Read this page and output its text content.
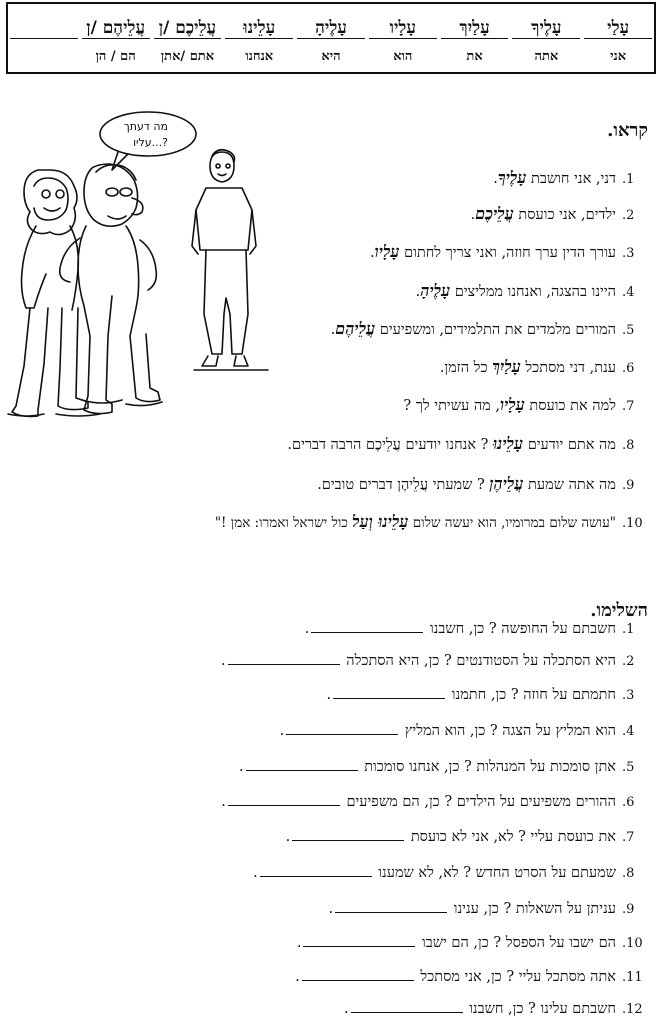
עָלַי
אני
עָלֶיךָ
אתה
עָלַיִךְ
את
עָלָיו
הוא
עָלֶיהָ
היא
עָלֵינוּ
אנחנו
עֲלֵיכֶם /ן
אתם /אתן
עֲלֵיהֶם /ן
הם / הן
מה דעתך
עליו...?
קראו.
1.דני, אני חושבת עָלֶיךָ.
2.ילדים, אני כועסת עֲלֵיכֶם.
3.עורך הדין ערך חוזה, ואני צריך לחתום עָלָיו.
4.היינו בהצגה, ואנחנו ממליצים עָלֶיהָ.
5.המורים מלמדים את התלמידים, ומשפיעים עֲלֵיהֶם.
6.ענת, דני מסתכל עָלַיִךְ כל הזמן.
7.למה את כועסת עָלָיו, מה עשיתי לך ?
8.מה אתם יודעים עָלֵינוּ ? אנחנו יודעים עֲלֵיכֶם הרבה דברים.
9.מה אתה שמעת עֲלֵיהֶן ? שמעתי עֲלֵיהֶן דברים טובים.
10."עושה שלום במרומיו, הוא יעשה שלום עָלֵינוּ וְעַל כול ישראל ואמרו: אמן !"
השלימו.
1.חשבתם על החופשה ? כן, חשבנו .
2.היא הסתכלה על הסטודנטים ? כן, היא הסתכלה .
3.חתמתם על חוזה ? כן, חתמנו .
4.הוא המליץ על הצגה ? כן, הוא המליץ .
5.אתן סומכות על המנהלות ? כן, אנחנו סומכות .
6.ההורים משפיעים על הילדים ? כן, הם משפיעים .
7.את כועסת עליי ? לא, אני לא כועסת .
8.שמעתם על הסרט החדש ? לא, לא שמענו .
9.עניתן על השאלות ? כן, ענינו .
10.הם ישבו על הספסל ? כן, הם ישבו .
11.אתה מסתכל עליי ? כן, אני מסתכל .
12.חשבתם עלינו ? כן, חשבנו .
